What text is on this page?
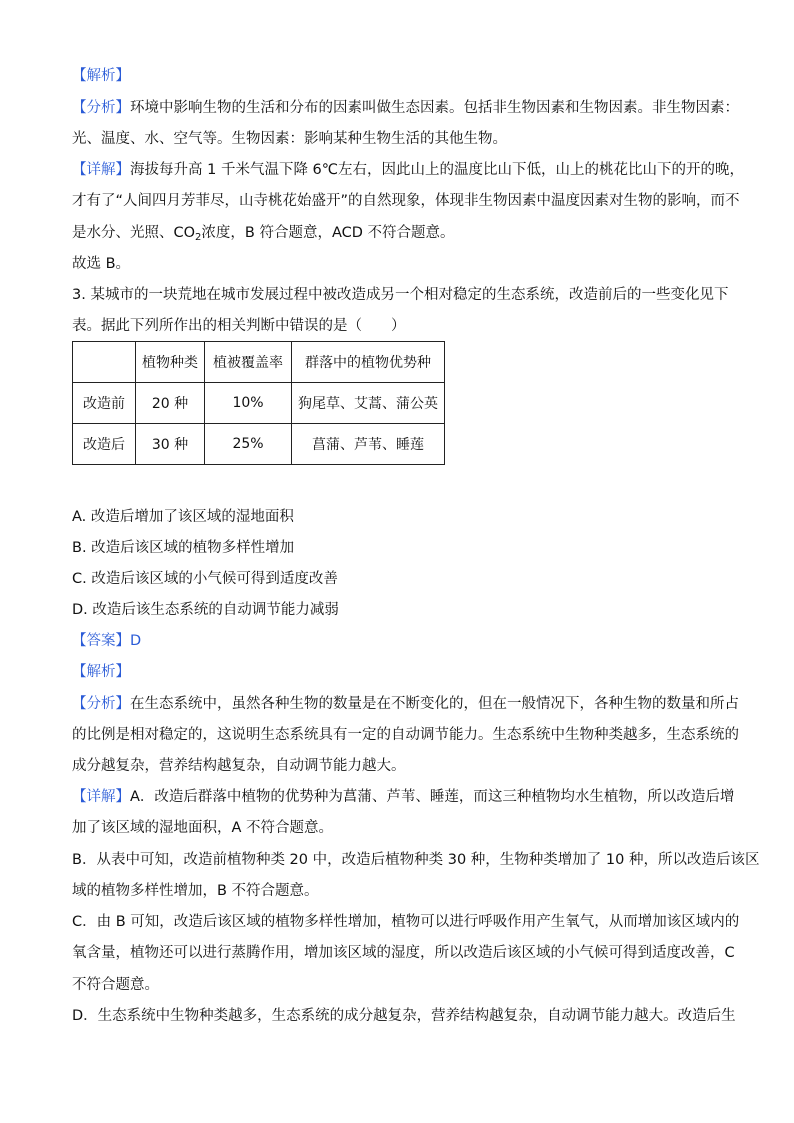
【解析】
【分析】环境中影响生物的生活和分布的因素叫做生态因素。包括非生物因素和生物因素。非生物因素：
光、温度、水、空气等。生物因素：影响某种生物生活的其他生物。
【详解】海拔每升高 1 千米气温下降 6℃左右，因此山上的温度比山下低，山上的桃花比山下的开的晚，
才有了“人间四月芳菲尽，山寺桃花始盛开”的自然现象，体现非生物因素中温度因素对生物的影响，而不
是水分、光照、$CO_2$浓度，B 符合题意，ACD 不符合题意。
故选 B。
3. 某城市的一块荒地在城市发展过程中被改造成另一个相对稳定的生态系统，改造前后的一些变化见下
表。据此下列所作出的相关判断中错误的是（　　）
	植物种类	植被覆盖率	群落中的植物优势种
改造前	20 种	10%	狗尾草、艾蒿、蒲公英
改造后	30 种	25%	菖蒲、芦苇、睡莲
A. 改造后增加了该区域的湿地面积
B. 改造后该区域的植物多样性增加
C. 改造后该区域的小气候可得到适度改善
D. 改造后该生态系统的自动调节能力减弱
【答案】D
【解析】
【分析】在生态系统中，虽然各种生物的数量是在不断变化的，但在一般情况下，各种生物的数量和所占
的比例是相对稳定的，这说明生态系统具有一定的自动调节能力。生态系统中生物种类越多，生态系统的
成分越复杂，营养结构越复杂，自动调节能力越大。
【详解】A．改造后群落中植物的优势种为菖蒲、芦苇、睡莲，而这三种植物均水生植物，所以改造后增
加了该区域的湿地面积，A 不符合题意。
B．从表中可知，改造前植物种类 20 中，改造后植物种类 30 种，生物种类增加了 10 种，所以改造后该区
域的植物多样性增加，B 不符合题意。
C．由 B 可知，改造后该区域的植物多样性增加，植物可以进行呼吸作用产生氧气，从而增加该区域内的
氧含量，植物还可以进行蒸腾作用，增加该区域的湿度，所以改造后该区域的小气候可得到适度改善，C
不符合题意。
D．生态系统中生物种类越多，生态系统的成分越复杂，营养结构越复杂，自动调节能力越大。改造后生
